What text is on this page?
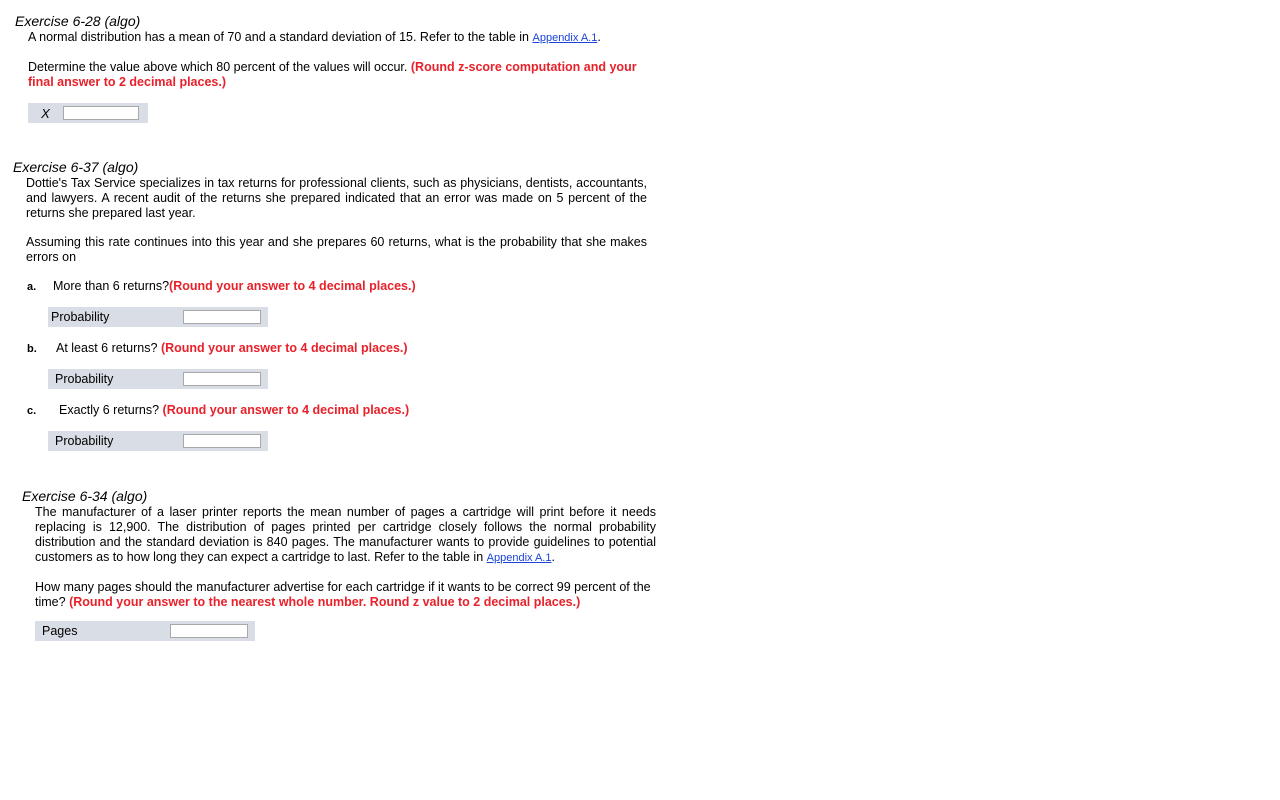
Exercise 6-28 (algo)

A normal distribution has a mean of 70 and a standard deviation of 15. Refer to the table in Appendix A.1.

Determine the value above which 80 percent of the values will occur. (Round z-score computation and your final answer to 2 decimal places.)

X
Exercise 6-37 (algo)

Dottie's Tax Service specializes in tax returns for professional clients, such as physicians, dentists, accountants, and lawyers. A recent audit of the returns she prepared indicated that an error was made on 5 percent of the returns she prepared last year.

Assuming this rate continues into this year and she prepares 60 returns, what is the probability that she makes errors on

a. More than 6 returns?(Round your answer to 4 decimal places.)
Probability
b. At least 6 returns? (Round your answer to 4 decimal places.)
Probability
c. Exactly 6 returns? (Round your answer to 4 decimal places.)
Probability
Exercise 6-34 (algo)

The manufacturer of a laser printer reports the mean number of pages a cartridge will print before it needs replacing is 12,900. The distribution of pages printed per cartridge closely follows the normal probability distribution and the standard deviation is 840 pages. The manufacturer wants to provide guidelines to potential customers as to how long they can expect a cartridge to last. Refer to the table in Appendix A.1.

How many pages should the manufacturer advertise for each cartridge if it wants to be correct 99 percent of the time? (Round your answer to the nearest whole number. Round z value to 2 decimal places.)

Pages
